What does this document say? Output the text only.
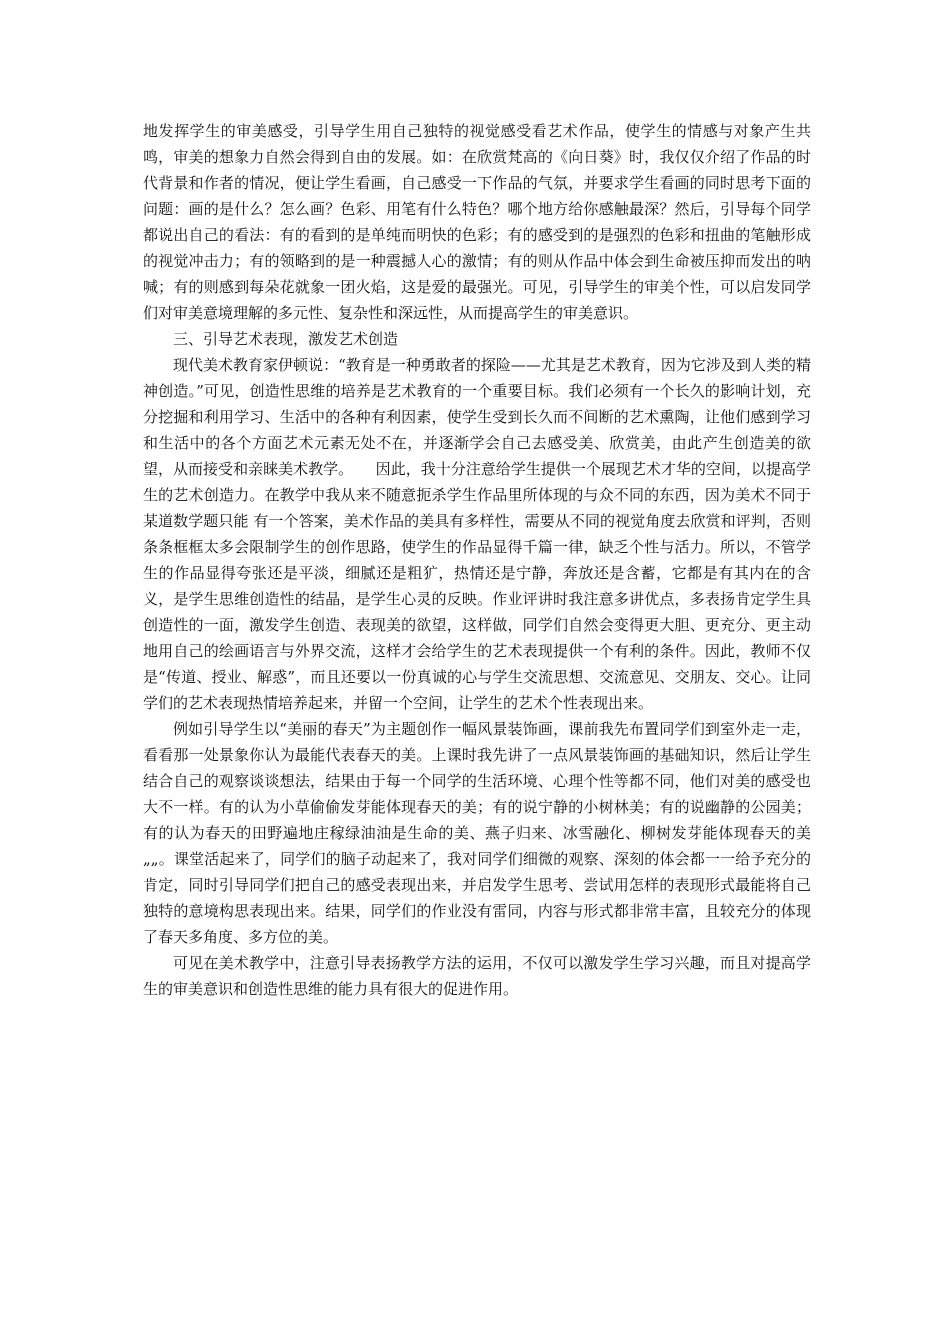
地发挥学生的审美感受，引导学生用自己独特的视觉感受看艺术作品，使学生的情感与对象产生共鸣，审美的想象力自然会得到自由的发展。如：在欣赏梵高的《向日葵》时，我仅仅介绍了作品的时代背景和作者的情况，便让学生看画，自己感受一下作品的气氛，并要求学生看画的同时思考下面的问题：画的是什么？怎么画？色彩、用笔有什么特色？哪个地方给你感触最深？然后，引导每个同学都说出自己的看法：有的看到的是单纯而明快的色彩；有的感受到的是强烈的色彩和扭曲的笔触形成的视觉冲击力；有的领略到的是一种震撼人心的激情；有的则从作品中体会到生命被压抑而发出的呐喊；有的则感到每朵花就象一团火焰，这是爱的最强光。可见，引导学生的审美个性，可以启发同学们对审美意境理解的多元性、复杂性和深远性，从而提高学生的审美意识。

三、引导艺术表现，激发艺术创造

现代美术教育家伊顿说：“教育是一种勇敢者的探险——尤其是艺术教育，因为它涉及到人类的精神创造。”可见，创造性思维的培养是艺术教育的一个重要目标。我们必须有一个长久的影响计划，充分挖掘和利用学习、生活中的各种有利因素，使学生受到长久而不间断的艺术熏陶，让他们感到学习和生活中的各个方面艺术元素无处不在，并逐渐学会自己去感受美、欣赏美，由此产生创造美的欲望，从而接受和亲睐美术教学。　　因此，我十分注意给学生提供一个展现艺术才华的空间，以提高学生的艺术创造力。在教学中我从来不随意扼杀学生作品里所体现的与众不同的东西，因为美术不同于某道数学题只能 有一个答案，美术作品的美具有多样性，需要从不同的视觉角度去欣赏和评判，否则条条框框太多会限制学生的创作思路，使学生的作品显得千篇一律，缺乏个性与活力。所以，不管学生的作品显得夸张还是平淡，细腻还是粗犷，热情还是宁静，奔放还是含蓄，它都是有其内在的含义，是学生思维创造性的结晶，是学生心灵的反映。作业评讲时我注意多讲优点，多表扬肯定学生具创造性的一面，激发学生创造、表现美的欲望，这样做，同学们自然会变得更大胆、更充分、更主动地用自己的绘画语言与外界交流，这样才会给学生的艺术表现提供一个有利的条件。因此，教师不仅是“传道、授业、解惑”，而且还要以一份真诚的心与学生交流思想、交流意见、交朋友、交心。让同学们的艺术表现热情培养起来，并留一个空间，让学生的艺术个性表现出来。

例如引导学生以“美丽的春天”为主题创作一幅风景装饰画，课前我先布置同学们到室外走一走，看看那一处景象你认为最能代表春天的美。上课时我先讲了一点风景装饰画的基础知识，然后让学生结合自己的观察谈谈想法，结果由于每一个同学的生活环境、心理个性等都不同，他们对美的感受也大不一样。有的认为小草偷偷发芽能体现春天的美；有的说宁静的小树林美；有的说幽静的公园美；有的认为春天的田野遍地庄稼绿油油是生命的美、燕子归来、冰雪融化、柳树发芽能体现春天的美„„。课堂活起来了，同学们的脑子动起来了，我对同学们细微的观察、深刻的体会都一一给予充分的肯定，同时引导同学们把自己的感受表现出来，并启发学生思考、尝试用怎样的表现形式最能将自己独特的意境构思表现出来。结果，同学们的作业没有雷同，内容与形式都非常丰富，且较充分的体现了春天多角度、多方位的美。

可见在美术教学中，注意引导表扬教学方法的运用，不仅可以激发学生学习兴趣，而且对提高学生的审美意识和创造性思维的能力具有很大的促进作用。
